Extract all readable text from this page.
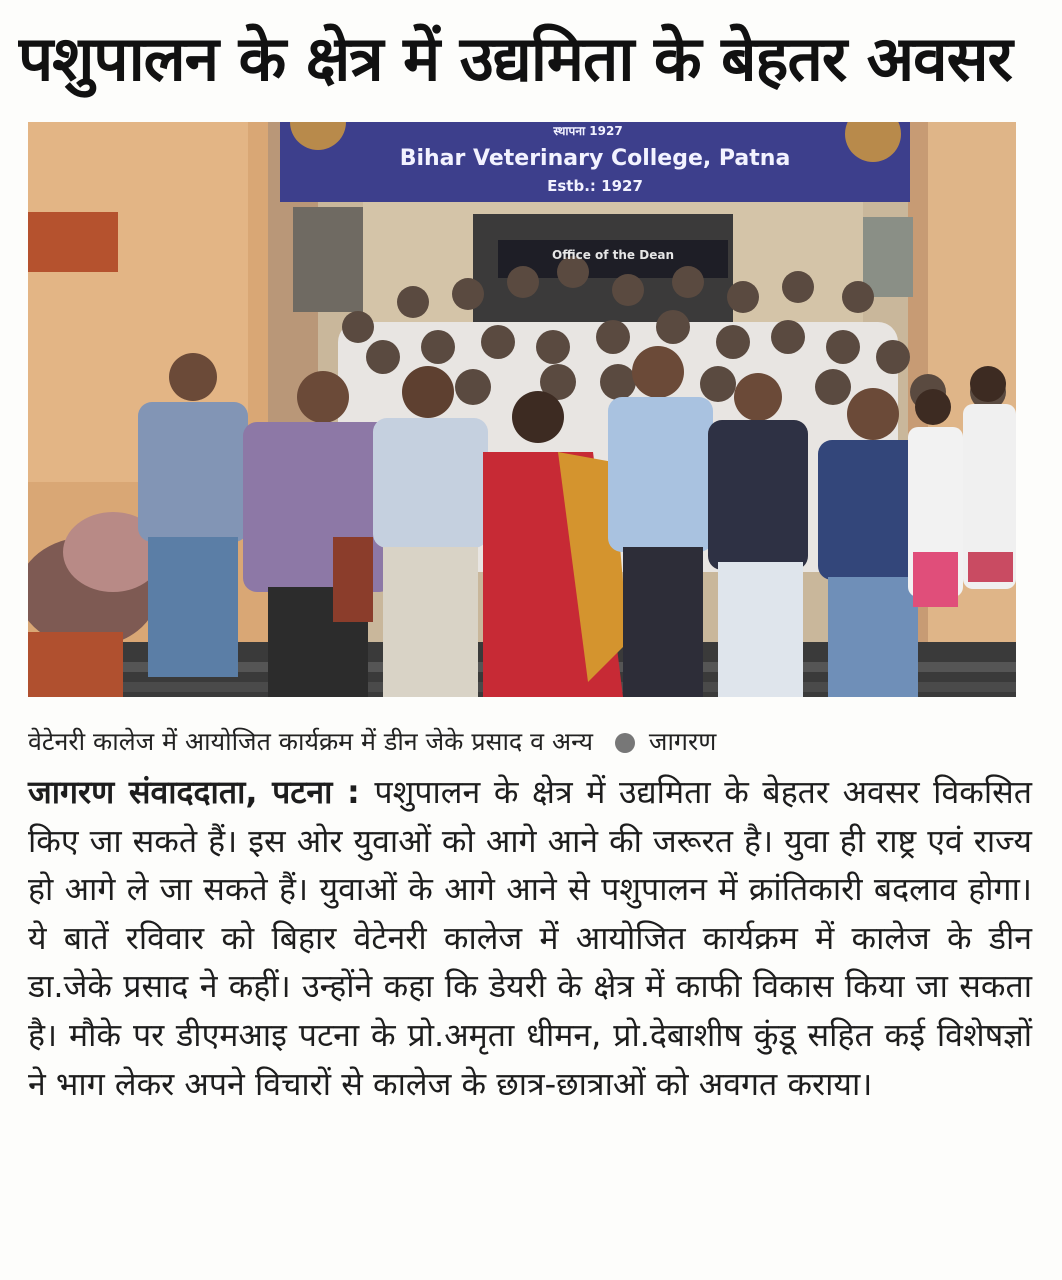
पशुपालन के क्षेत्र में उद्यमिता के बेहतर अवसर
स्थापना 1927
Bihar Veterinary College, Patna
Estb.: 1927
Office of the Dean
वेटेनरी कालेज में आयोजित कार्यक्रम में डीन जेके प्रसाद व अन्य जागरण
जागरण संवाददाता, पटना : पशुपालन के क्षेत्र में उद्यमिता के बेहतर अवसर विकसित किए जा सकते हैं। इस ओर युवाओं को आगे आने की जरूरत है। युवा ही राष्ट्र एवं राज्य हो आगे ले जा सकते हैं। युवाओं के आगे आने से पशुपालन में क्रांतिकारी बदलाव होगा। ये बातें रविवार को बिहार वेटेनरी कालेज में आयोजित कार्यक्रम में कालेज के डीन डा.जेके प्रसाद ने कहीं। उन्होंने कहा कि डेयरी के क्षेत्र में काफी विकास किया जा सकता है। मौके पर डीएमआइ पटना के प्रो.अमृता धीमन, प्रो.देबाशीष कुंडू सहित कई विशेषज्ञों ने भाग लेकर अपने विचारों से कालेज के छात्र-छात्राओं को अवगत कराया।
